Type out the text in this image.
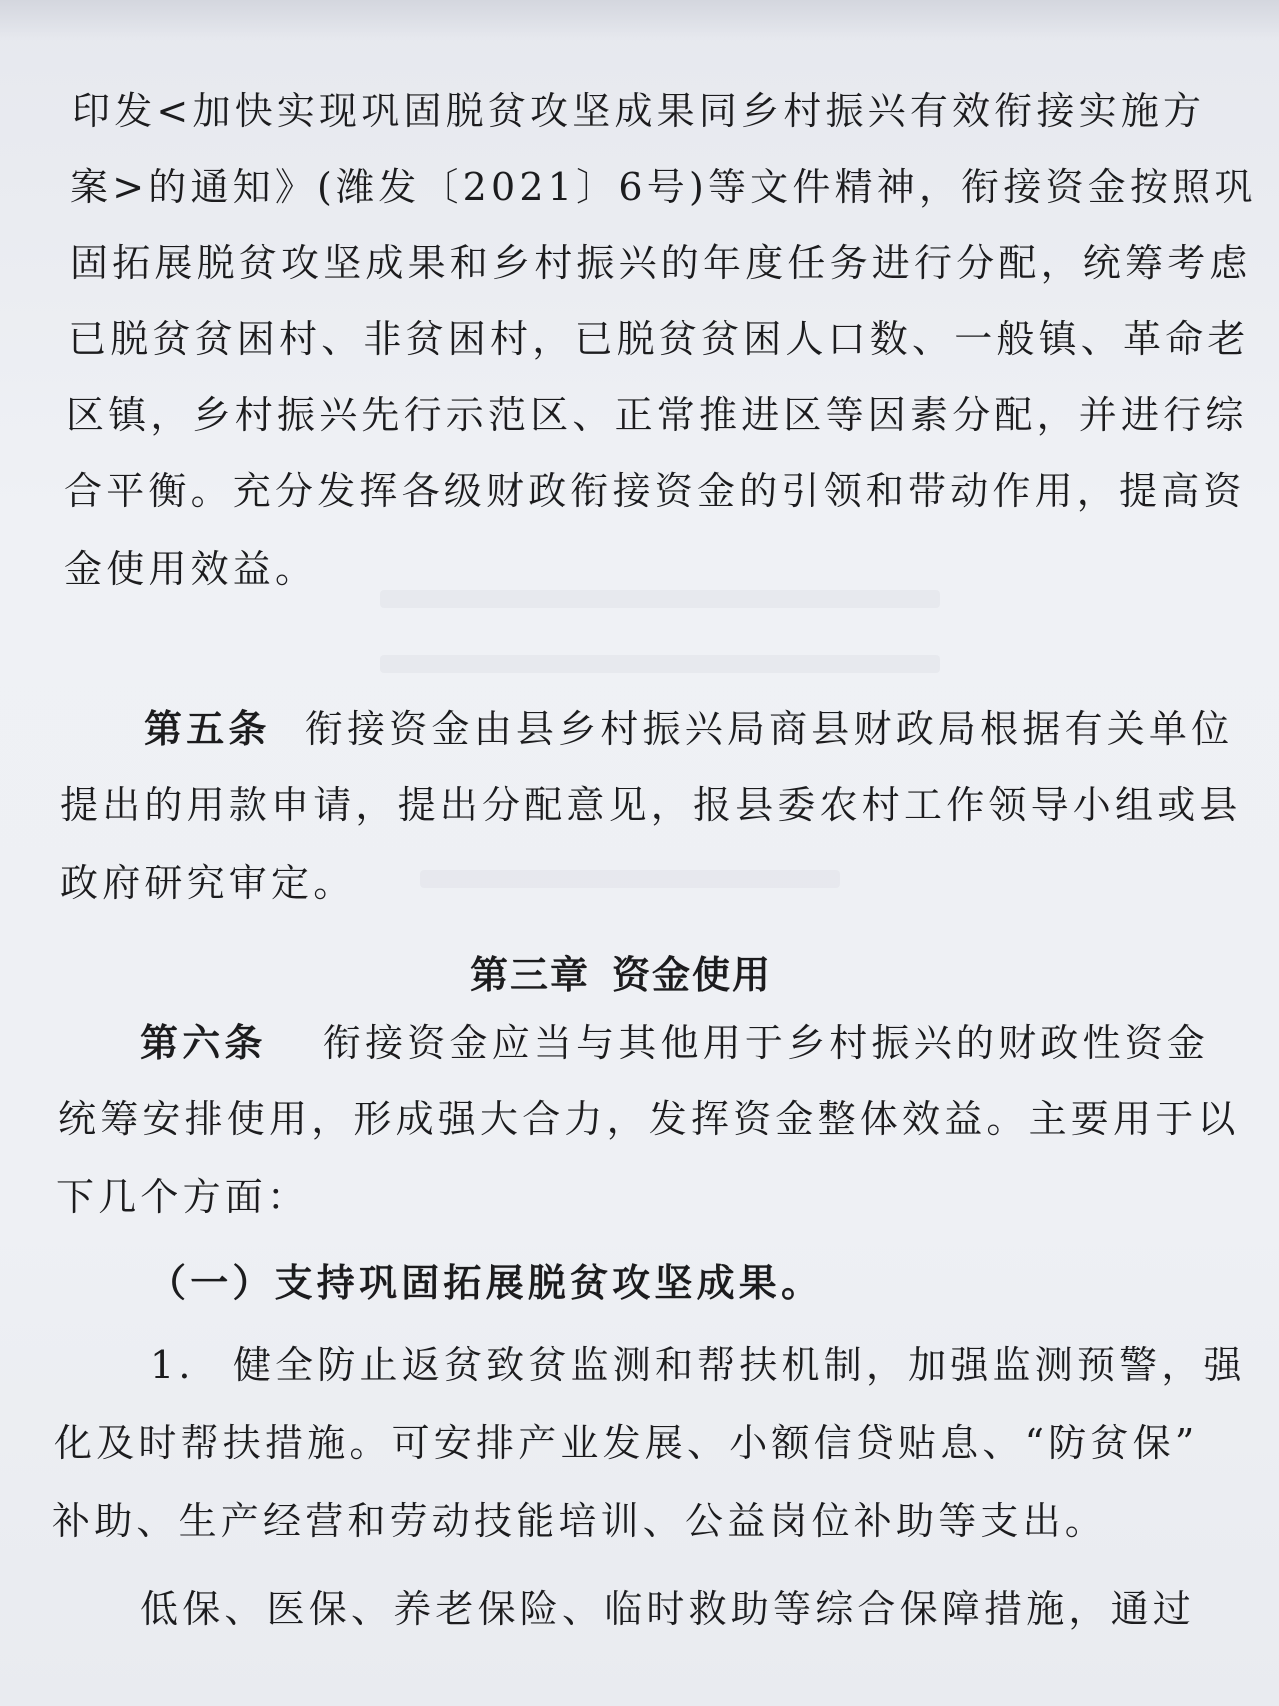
印发<加快实现巩固脱贫攻坚成果同乡村振兴有效衔接实施方
案>的通知》(潍发〔2021〕6号)等文件精神，衔接资金按照巩
固拓展脱贫攻坚成果和乡村振兴的年度任务进行分配，统筹考虑
已脱贫贫困村、非贫困村，已脱贫贫困人口数、一般镇、革命老
区镇，乡村振兴先行示范区、正常推进区等因素分配，并进行综
合平衡。充分发挥各级财政衔接资金的引领和带动作用，提高资
金使用效益。
第五条 衔接资金由县乡村振兴局商县财政局根据有关单位
提出的用款申请，提出分配意见，报县委农村工作领导小组或县
政府研究审定。
第三章 资金使用
第六条 衔接资金应当与其他用于乡村振兴的财政性资金
统筹安排使用，形成强大合力，发挥资金整体效益。主要用于以
下几个方面：
（一）支持巩固拓展脱贫攻坚成果。
1. 健全防止返贫致贫监测和帮扶机制，加强监测预警，强
化及时帮扶措施。可安排产业发展、小额信贷贴息、“防贫保”
补助、生产经营和劳动技能培训、公益岗位补助等支出。
低保、医保、养老保险、临时救助等综合保障措施，通过
